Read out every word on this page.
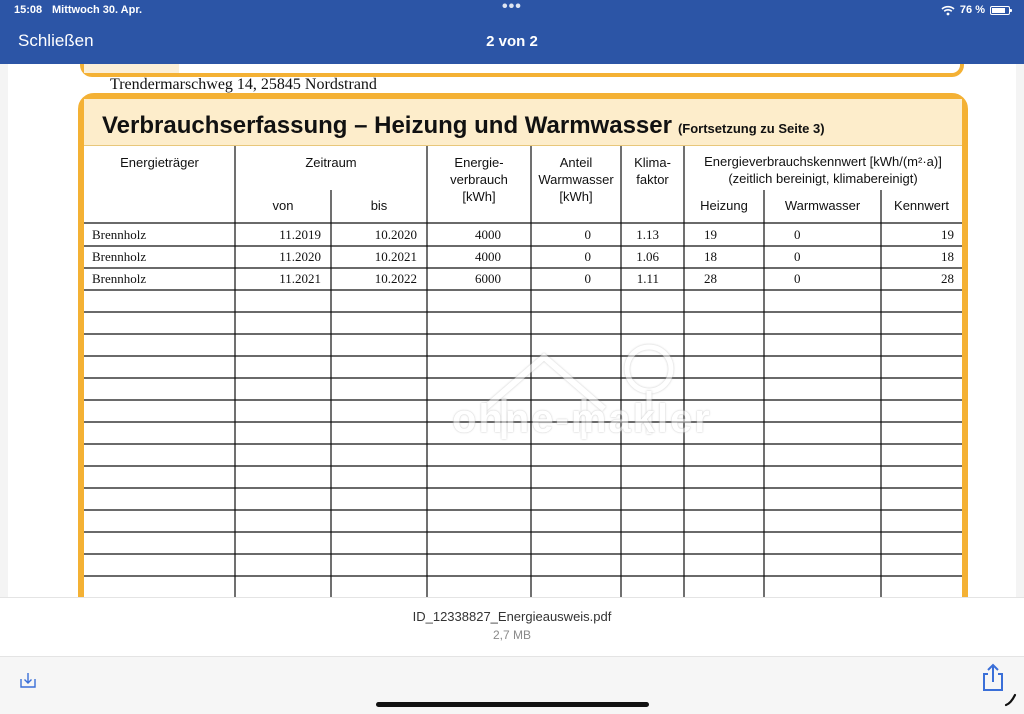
15:08 Mittwoch 30. Apr.	•••	76 %
Schließen	2 von 2
Trendermarschweg 14, 25845 Nordstrand
Verbrauchserfassung – Heizung und Warmwasser (Fortsetzung zu Seite 3)
Energieträger	Zeitraum
von	bis
Energie-
verbrauch
[kWh]
Anteil
Warmwasser
[kWh]
Klima-
faktor
Energieverbrauchskennwert [kWh/(m²·a)]
(zeitlich bereinigt, klimabereinigt)
Heizung	Warmwasser	Kennwert
Brennholz	11.2019	10.2020	4000	0	1.13	19	0	19
Brennholz	11.2020	10.2021	4000	0	1.06	18	0	18
Brennholz	11.2021	10.2022	6000	0	1.11	28	0	28
ohne-makler
ID_12338827_Energieausweis.pdf
2,7 MB
